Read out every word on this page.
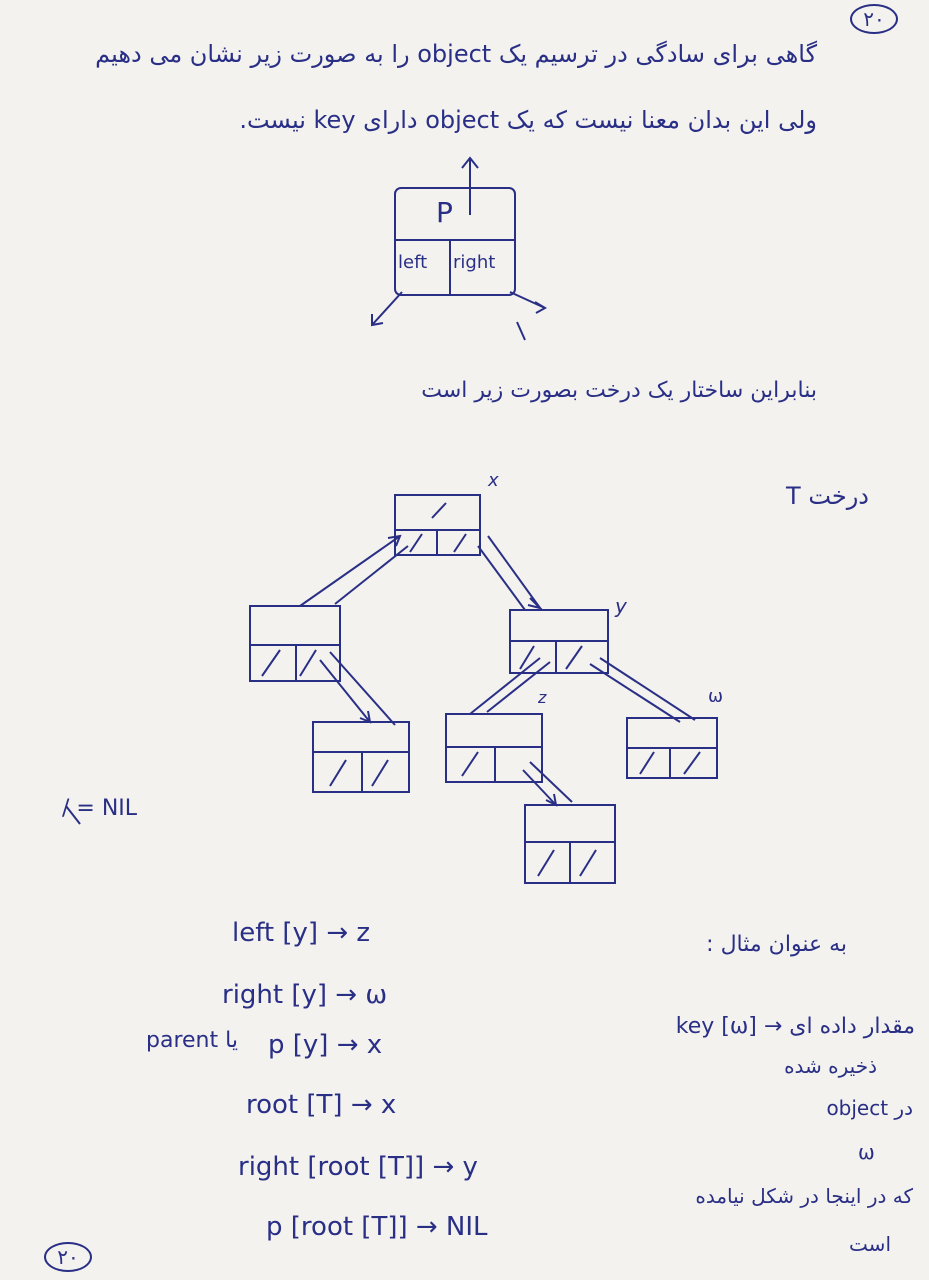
۲۰
۲۰
گاهی برای سادگی در ترسیم یک object را به صورت زیر نشان می دهیم
ولی این بدان معنا نیست که یک object دارای key نیست.
P
left right
بنابراین ساختار یک درخت بصورت زیر است
درخت T
x
y
z	ω
/ = NIL
left [y] → z
right [y] → ω
parent یا p [y] → x
root [T] → x
right [root [T]] → y
p [root [T]] → NIL
به عنوان مثال :
key [ω] → مقدار داده ای
ذخیره شده
در object
ω
که در اینجا در شکل نیامده
است
